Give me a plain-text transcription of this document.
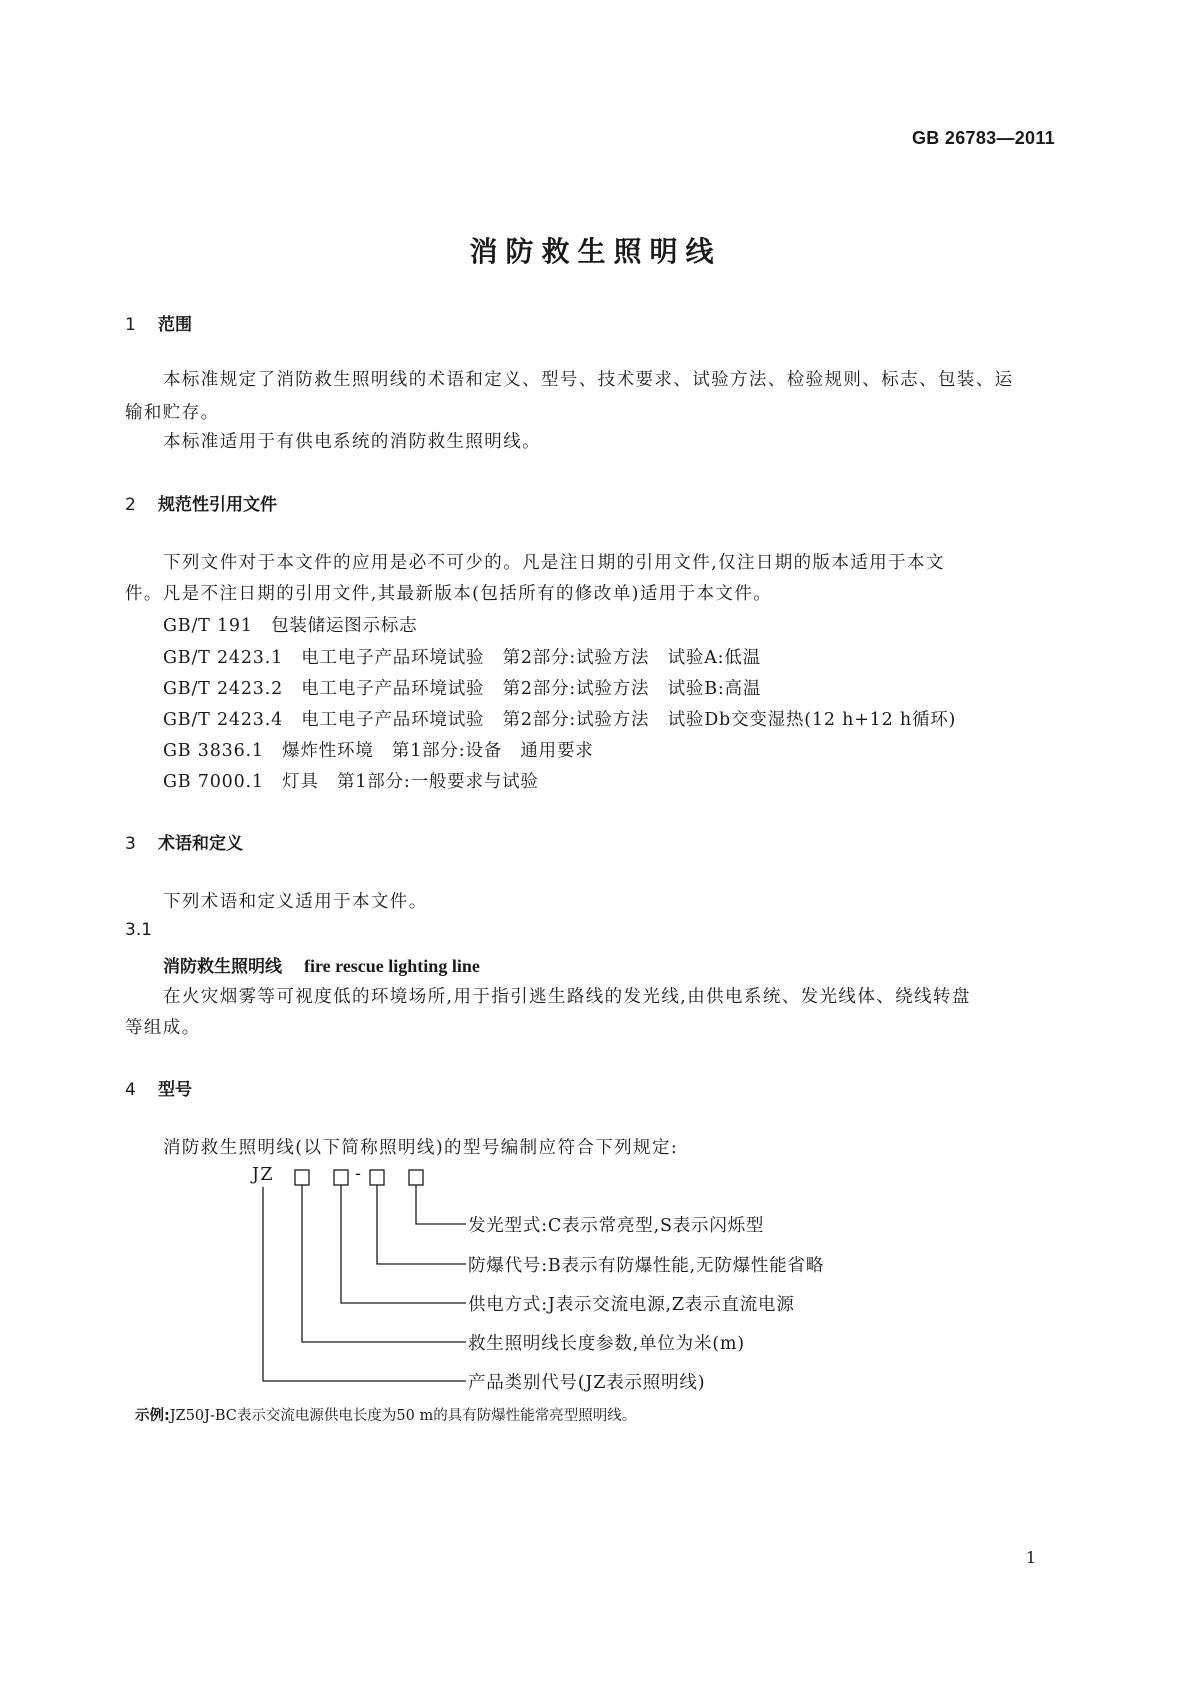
GB 26783—2011
消防救生照明线
1 范围
本标准规定了消防救生照明线的术语和定义、型号、技术要求、试验方法、检验规则、标志、包装、运
输和贮存。
本标准适用于有供电系统的消防救生照明线。
2 规范性引用文件
下列文件对于本文件的应用是必不可少的。凡是注日期的引用文件,仅注日期的版本适用于本文
件。凡是不注日期的引用文件,其最新版本(包括所有的修改单)适用于本文件。
GB/T 191　包装储运图示标志
GB/T 2423.1　电工电子产品环境试验　第2部分:试验方法　试验A:低温
GB/T 2423.2　电工电子产品环境试验　第2部分:试验方法　试验B:高温
GB/T 2423.4　电工电子产品环境试验　第2部分:试验方法　试验Db交变湿热(12 h+12 h循环)
GB 3836.1　爆炸性环境　第1部分:设备　通用要求
GB 7000.1　灯具　第1部分:一般要求与试验
3 术语和定义
下列术语和定义适用于本文件。
3.1
消防救生照明线 fire rescue lighting line
在火灾烟雾等可视度低的环境场所,用于指引逃生路线的发光线,由供电系统、发光线体、绕线转盘
等组成。
4 型号
消防救生照明线(以下简称照明线)的型号编制应符合下列规定:
JZ	-
发光型式:C表示常亮型,S表示闪烁型
防爆代号:B表示有防爆性能,无防爆性能省略
供电方式:J表示交流电源,Z表示直流电源
救生照明线长度参数,单位为米(m)
产品类别代号(JZ表示照明线)
示例:JZ50J-BC表示交流电源供电长度为50 m的具有防爆性能常亮型照明线。
1
